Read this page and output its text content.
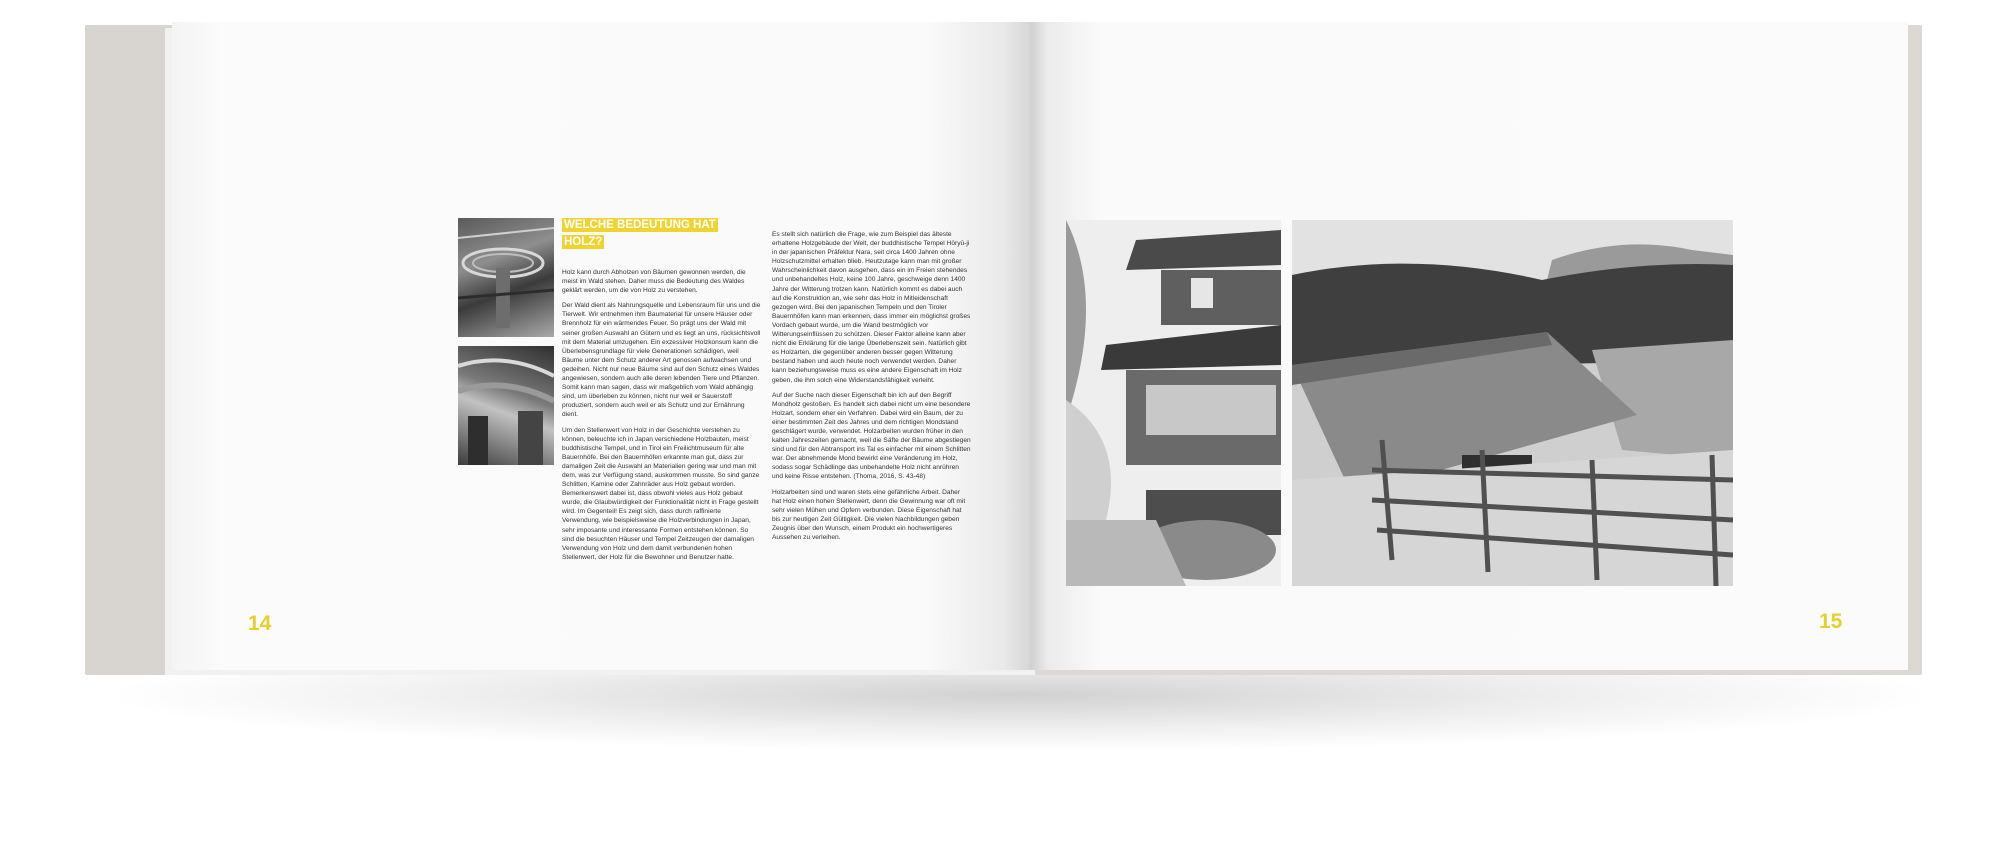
WELCHE BEDEUTUNG HAT HOLZ?

Holz kann durch Abholzen von Bäumen gewonnen werden, die meist im Wald stehen. Daher muss die Bedeutung des Waldes geklärt werden, um die von Holz zu verstehen.

Der Wald dient als Nahrungsquelle und Lebensraum für uns und die Tierwelt. Wir entnehmen ihm Baumaterial für unsere Häuser oder Brennholz für ein wärmendes Feuer. So prägt uns der Wald mit seiner großen Auswahl an Gütern und es liegt an uns, rücksichtsvoll mit dem Material umzugehen. Ein exzessiver Holzkonsum kann die Überlebensgrundlage für viele Generationen schädigen, weil Bäume unter dem Schutz anderer Art genossen aufwachsen und gedeihen. Nicht nur neue Bäume sind auf den Schutz eines Waldes angewiesen, sondern auch alle deren lebenden Tiere und Pflanzen. Somit kann man sagen, dass wir maßgeblich vom Wald abhängig sind, um überleben zu können, nicht nur weil er Sauerstoff produziert, sondern auch weil er als Schutz und zur Ernährung dient.

Um den Stellenwert von Holz in der Geschichte verstehen zu können, beleuchte ich in Japan verschiedene Holzbauten, meist buddhistische Tempel, und in Tirol ein Freilichtmuseum für alte Bauernhöfe. Bei den Bauernhöfen erkannte man gut, dass zur damaligen Zeit die Auswahl an Materialien gering war und man mit dem, was zur Verfügung stand, auskommen musste. So sind ganze Schlitten, Kamine oder Zahnräder aus Holz gebaut worden. Bemerkenswert dabei ist, dass obwohl vieles aus Holz gebaut wurde, die Glaubwürdigkeit der Funktionalität nicht in Frage gestellt wird. Im Gegenteil! Es zeigt sich, dass durch raffinierte Verwendung, wie beispielsweise die Holzverbindungen in Japan, sehr imposante und interessante Formen entstehen können. So sind die besuchten Häuser und Tempel Zeitzeugen der damaligen Verwendung von Holz und dem damit verbundenen hohen Stellenwert, der Holz für die Bewohner und Benutzer hatte.

Es stellt sich natürlich die Frage, wie zum Beispiel das älteste erhaltene Holzgebäude der Welt, der buddhistische Tempel Hōryū-ji in der japanischen Präfektur Nara, seit circa 1400 Jahren ohne Holzschutzmittel erhalten blieb. Heutzutage kann man mit großer Wahrscheinlichkeit davon ausgehen, dass ein im Freien stehendes und unbehandeltes Holz, keine 100 Jahre, geschweige denn 1400 Jahre der Witterung trotzen kann. Natürlich kommt es dabei auch auf die Konstruktion an, wie sehr das Holz in Mitleidenschaft gezogen wird. Bei den japanischen Tempeln und den Tiroler Bauernhöfen kann man erkennen, dass immer ein möglichst großes Vordach gebaut wurde, um die Wand bestmöglich vor Witterungseinflüssen zu schützen. Dieser Faktor alleine kann aber nicht die Erklärung für die lange Überlebenszeit sein. Natürlich gibt es Holzarten, die gegenüber anderen besser gegen Witterung bestand haben und auch heute noch verwendet werden. Daher kann beziehungsweise muss es eine andere Eigenschaft im Holz geben, die ihm solch eine Widerstandsfähigkeit verleiht.

Auf der Suche nach dieser Eigenschaft bin ich auf den Begriff Mondholz gestoßen. Es handelt sich dabei nicht um eine besondere Holzart, sondern eher ein Verfahren. Dabei wird ein Baum, der zu einer bestimmten Zeit des Jahres und dem richtigen Mondstand geschlägert wurde, verwendet. Holzarbeiten wurden früher in den kalten Jahreszeiten gemacht, weil die Säfte der Bäume abgestiegen sind und für den Abtransport ins Tal es einfacher mit einem Schlitten war. Der abnehmende Mond bewirkt eine Veränderung im Holz, sodass sogar Schädlinge das unbehandelte Holz nicht anrühren und keine Risse entstehen. (Thoma, 2016, S. 43-48)

Holzarbeiten sind und waren stets eine gefährliche Arbeit. Daher hat Holz einen hohen Stellenwert, denn die Gewinnung war oft mit sehr vielen Mühen und Opfern verbunden. Diese Eigenschaft hat bis zur heutigen Zeit Gültigkeit. Die vielen Nachbildungen geben Zeugnis über den Wunsch, einem Produkt ein hochwertigeres Aussehen zu verleihen.

14	15
